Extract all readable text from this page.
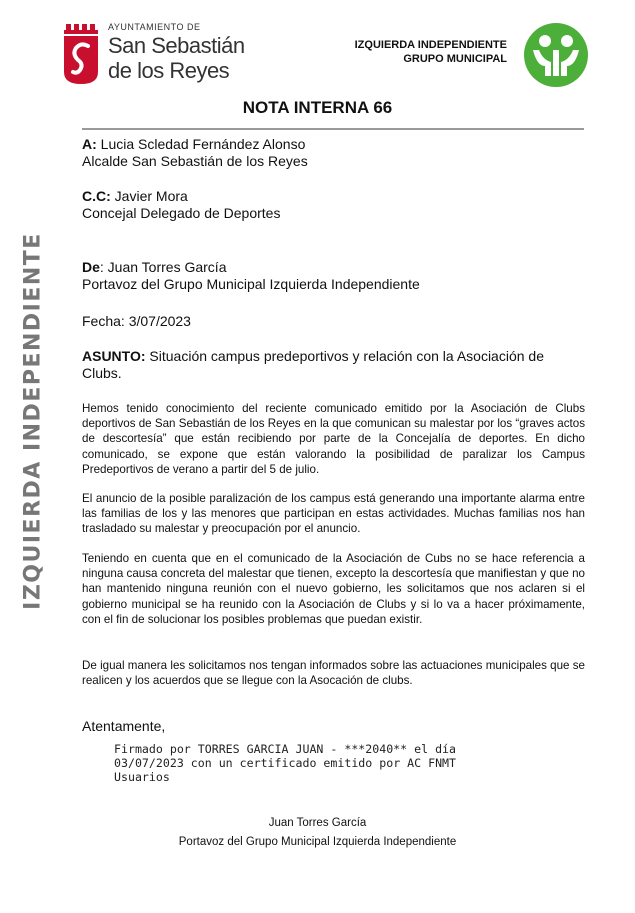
IZQUIERDA INDEPENDIENTE
AYUNTAMIENTO DE
San Sebastián
de los Reyes
IZQUIERDA INDEPENDIENTE
GRUPO MUNICIPAL
NOTA INTERNA 66
A: Lucia Scledad Fernández Alonso
Alcalde San Sebastián de los Reyes
C.C: Javier Mora
Concejal Delegado de Deportes
De: Juan Torres García
Portavoz del Grupo Municipal Izquierda Independiente
Fecha: 3/07/2023
ASUNTO: Situación campus predeportivos y relación con la Asociación de Clubs.
Hemos tenido conocimiento del reciente comunicado emitido por la Asociación de Clubs deportivos de San Sebastián de los Reyes en la que comunican su malestar por los “graves actos de descortesía” que están recibiendo por parte de la Concejalía de deportes. En dicho comunicado, se expone que están valorando la posibilidad de paralizar los Campus Predeportivos de verano a partir del 5 de julio.
El anuncio de la posible paralización de los campus está generando una importante alarma entre las familias de los y las menores que participan en estas actividades. Muchas familias nos han trasladado su malestar y preocupación por el anuncio.
Teniendo en cuenta que en el comunicado de la Asociación de Cubs no se hace referencia a ninguna causa concreta del malestar que tienen, excepto la descortesía que manifiestan y que no han mantenido ninguna reunión con el nuevo gobierno, les solicitamos que nos aclaren si el gobierno municipal se ha reunido con la Asociación de Clubs y si lo va a hacer próximamente, con el fin de solucionar los posibles problemas que puedan existir.
De igual manera les solicitamos nos tengan informados sobre las actuaciones municipales que se realicen y los acuerdos que se llegue con la Asocación de clubs.
Atentamente,
Firmado por TORRES GARCIA JUAN - ***2040** el día
03/07/2023 con un certificado emitido por AC FNMT
Usuarios
Juan Torres García
Portavoz del Grupo Municipal Izquierda Independiente
